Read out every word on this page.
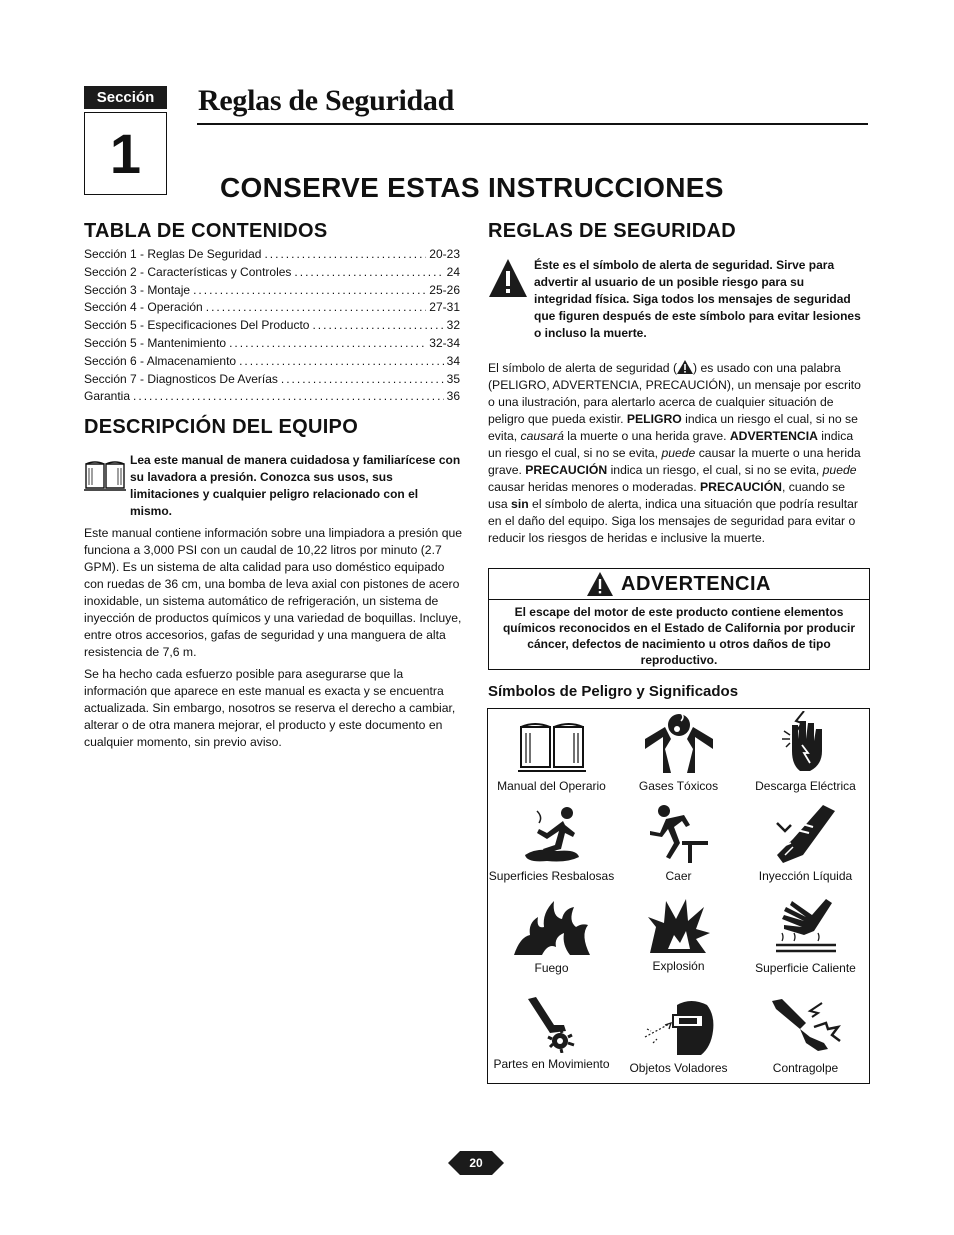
Sección
1
Reglas de Seguridad
CONSERVE ESTAS INSTRUCCIONES
TABLA DE CONTENIDOS
Sección 1 - Reglas De Seguridad .....	20-23
Sección 2 - Características y Controles .....	24
Sección 3 - Montaje .....	25-26
Sección 4 - Operación .....	27-31
Sección 5 - Especificaciones Del Producto .....	32
Sección 5 - Mantenimiento .....	32-34
Sección 6 - Almacenamiento .....	34
Sección 7 - Diagnosticos De Averías .....	35
Garantia .....	36
DESCRIPCIÓN DEL EQUIPO
Lea este manual de manera cuidadosa y familiarícese con su lavadora a presión. Conozca sus usos, sus limitaciones y cualquier peligro relacionado con el mismo.
Este manual contiene información sobre una limpiadora a presión que funciona a 3,000 PSI con un caudal de 10,22 litros por minuto (2.7 GPM). Es un sistema de alta calidad para uso doméstico equipado con ruedas de 36 cm, una bomba de leva axial con pistones de acero inoxidable, un sistema automático de refrigeración, un sistema de inyección de productos químicos y una variedad de boquillas. Incluye, entre otros accesorios, gafas de seguridad y una manguera de alta resistencia de 7,6 m.
Se ha hecho cada esfuerzo posible para asegurarse que la información que aparece en este manual es exacta y se encuentra actualizada. Sin embargo, nosotros se reserva el derecho a cambiar, alterar o de otra manera mejorar, el producto y este documento en cualquier momento, sin previo aviso.
REGLAS DE SEGURIDAD
Éste es el símbolo de alerta de seguridad. Sirve para advertir al usuario de un posible riesgo para su integridad física. Siga todos los mensajes de seguridad que figuren después de este símbolo para evitar lesiones o incluso la muerte.
El símbolo de alerta de seguridad ( ) es usado con una palabra (PELIGRO, ADVERTENCIA, PRECAUCIÓN), un mensaje por escrito o una ilustración, para alertarlo acerca de cualquier situación de peligro que pueda existir. PELIGRO indica un riesgo el cual, si no se evita, causará la muerte o una herida grave. ADVERTENCIA indica un riesgo el cual, si no se evita, puede causar la muerte o una herida grave. PRECAUCIÓN indica un riesgo, el cual, si no se evita, puede causar heridas menores o moderadas. PRECAUCIÓN, cuando se usa sin el símbolo de alerta, indica una situación que podría resultar en el daño del equipo. Siga los mensajes de seguridad para evitar o reducir los riesgos de heridas e inclusive la muerte.
ADVERTENCIA
El escape del motor de este producto contiene elementos químicos reconocidos en el Estado de California por producir cáncer, defectos de nacimiento u otros daños de tipo reproductivo.
Símbolos de Peligro y Significados
Manual del Operario	Gases Tóxicos	Descarga Eléctrica
Superficies Resbalosas	Caer	Inyección Líquida
Fuego	Explosión	Superficie Caliente
Partes en Movimiento	Objetos Voladores	Contragolpe
20
